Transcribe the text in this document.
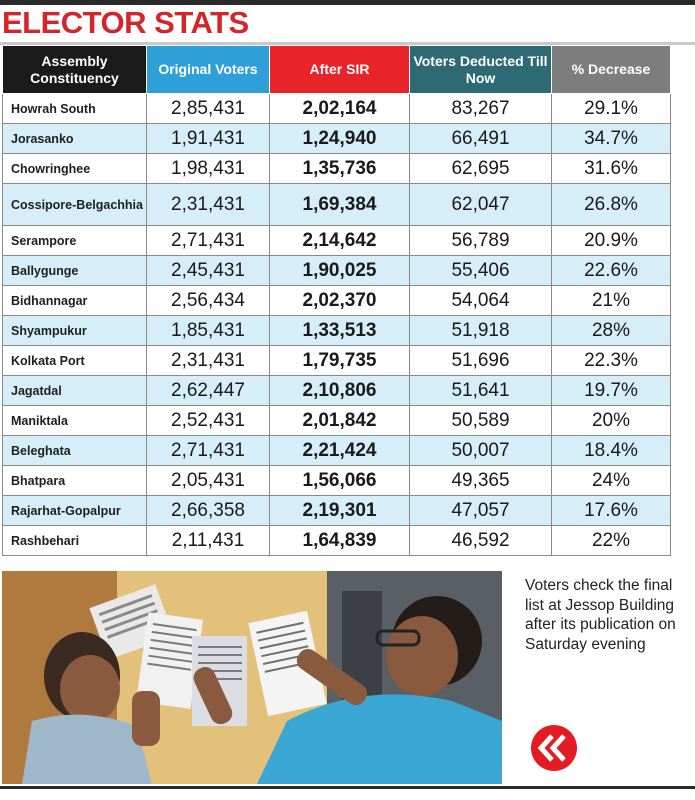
ELECTOR STATS
Assembly Constituency	Original Voters	After SIR	Voters Deducted Till Now	% Decrease
Howrah South	2,85,431	2,02,164	83,267	29.1%
Jorasanko	1,91,431	1,24,940	66,491	34.7%
Chowringhee	1,98,431	1,35,736	62,695	31.6%
Cossipore-Belgachhia	2,31,431	1,69,384	62,047	26.8%
Serampore	2,71,431	2,14,642	56,789	20.9%
Ballygunge	2,45,431	1,90,025	55,406	22.6%
Bidhannagar	2,56,434	2,02,370	54,064	21%
Shyampukur	1,85,431	1,33,513	51,918	28%
Kolkata Port	2,31,431	1,79,735	51,696	22.3%
Jagatdal	2,62,447	2,10,806	51,641	19.7%
Maniktala	2,52,431	2,01,842	50,589	20%
Beleghata	2,71,431	2,21,424	50,007	18.4%
Bhatpara	2,05,431	1,56,066	49,365	24%
Rajarhat-Gopalpur	2,66,358	2,19,301	47,057	17.6%
Rashbehari	2,11,431	1,64,839	46,592	22%
Voters check the final list at Jessop Building after its publication on Saturday evening
